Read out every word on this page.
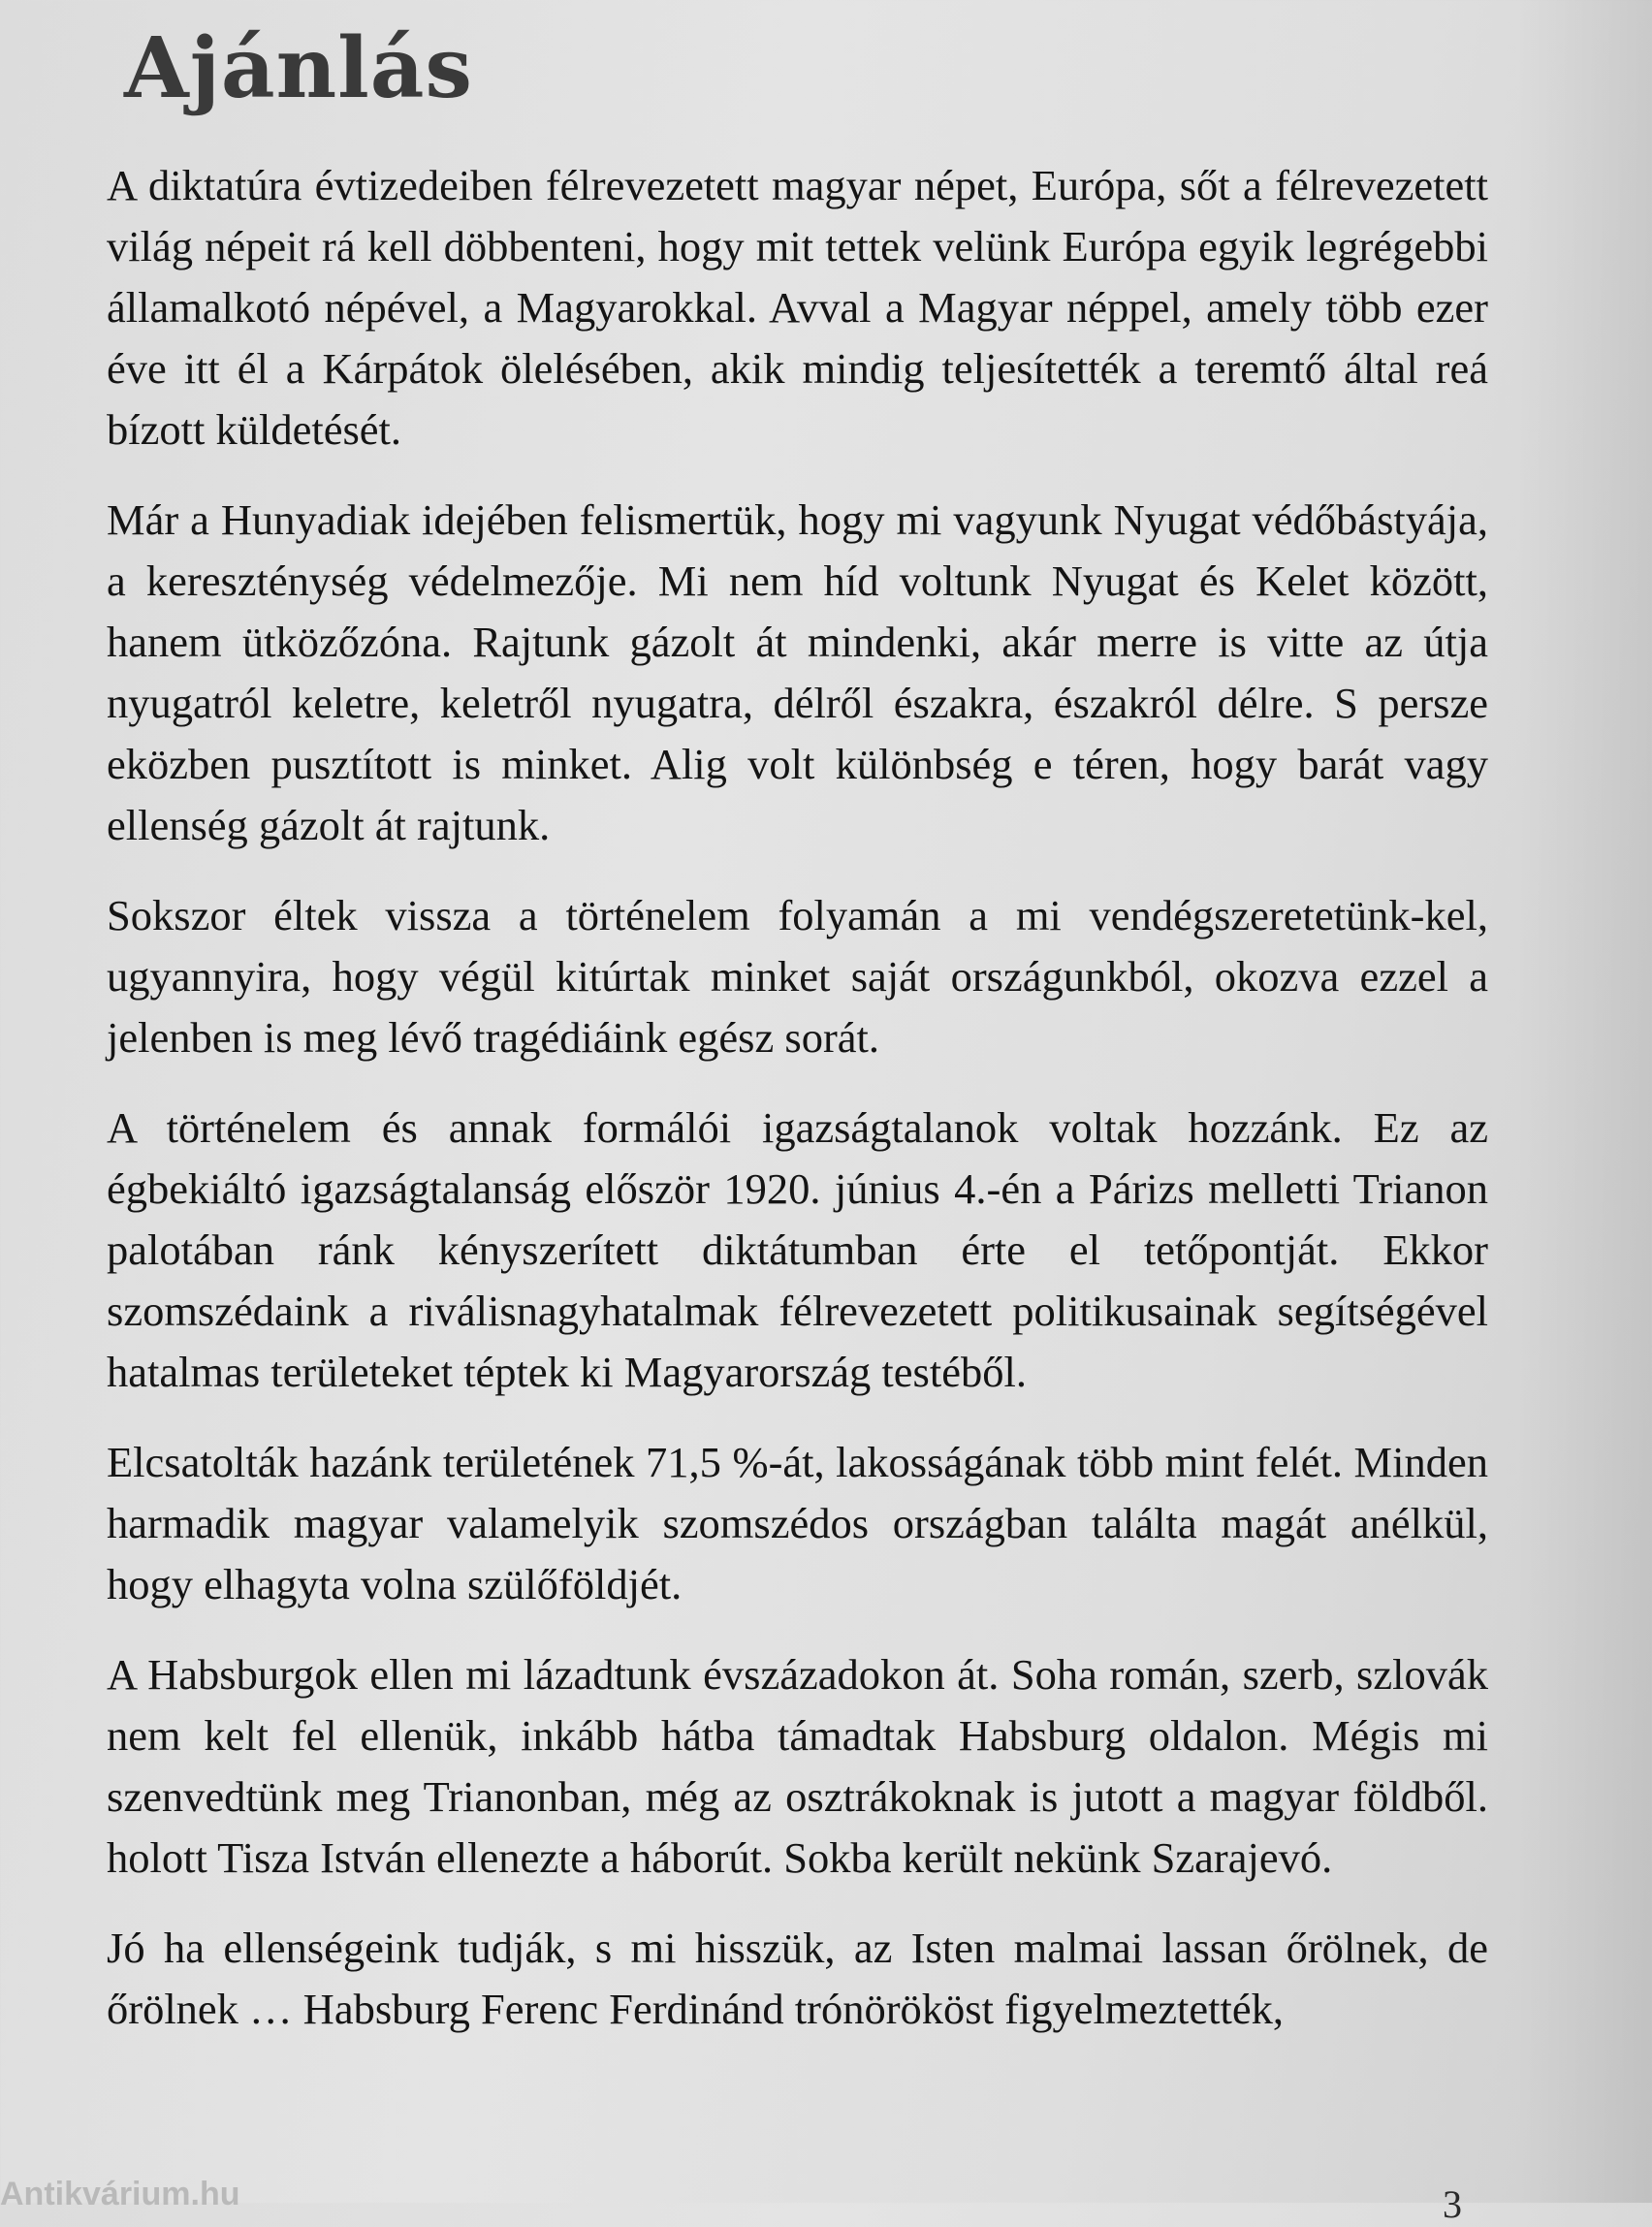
Ajánlás

A diktatúra évtizedeiben félrevezetett magyar népet, Európa, sőt a félrevezetett világ népeit rá kell döbbenteni, hogy mit tettek velünk Európa egyik legrégebbi államalkotó népével, a Magyarokkal. Avval a Magyar néppel, amely több ezer éve itt él a Kárpátok ölelésében, akik mindig teljesítették a teremtő által reá bízott küldetését.

Már a Hunyadiak idejében felismertük, hogy mi vagyunk Nyugat védőbástyája, a kereszténység védelmezője. Mi nem híd voltunk Nyugat és Kelet között, hanem ütközőzóna. Rajtunk gázolt át mindenki, akár merre is vitte az útja nyugatról keletre, keletről nyugatra, délről északra, északról délre. S persze eközben pusztított is minket. Alig volt különbség e téren, hogy barát vagy ellenség gázolt át rajtunk.

Sokszor éltek vissza a történelem folyamán a mi vendégszeretetünk-kel, ugyannyira, hogy végül kitúrtak minket saját országunkból, okozva ezzel a jelenben is meg lévő tragédiáink egész sorát.

A történelem és annak formálói igazságtalanok voltak hozzánk. Ez az égbekiáltó igazságtalanság először 1920. június 4.-én a Párizs melletti Trianon palotában ránk kényszerített diktátumban érte el tetőpontját. Ekkor szomszédaink a riválisnagyhatalmak félrevezetett politikusainak segítségével hatalmas területeket téptek ki Magyarország testéből.

Elcsatolták hazánk területének 71,5 %-át, lakosságának több mint felét. Minden harmadik magyar valamelyik szomszédos országban találta magát anélkül, hogy elhagyta volna szülőföldjét.

A Habsburgok ellen mi lázadtunk évszázadokon át. Soha román, szerb, szlovák nem kelt fel ellenük, inkább hátba támadtak Habsburg oldalon. Mégis mi szenvedtünk meg Trianonban, még az osztrákoknak is jutott a magyar földből. holott Tisza István ellenezte a háborút. Sokba került nekünk Szarajevó.

Jó ha ellenségeink tudják, s mi hisszük, az Isten malmai lassan őrölnek, de őrölnek … Habsburg Ferenc Ferdinánd trónörököst figyelmeztették,

Antikvárium.hu	3
